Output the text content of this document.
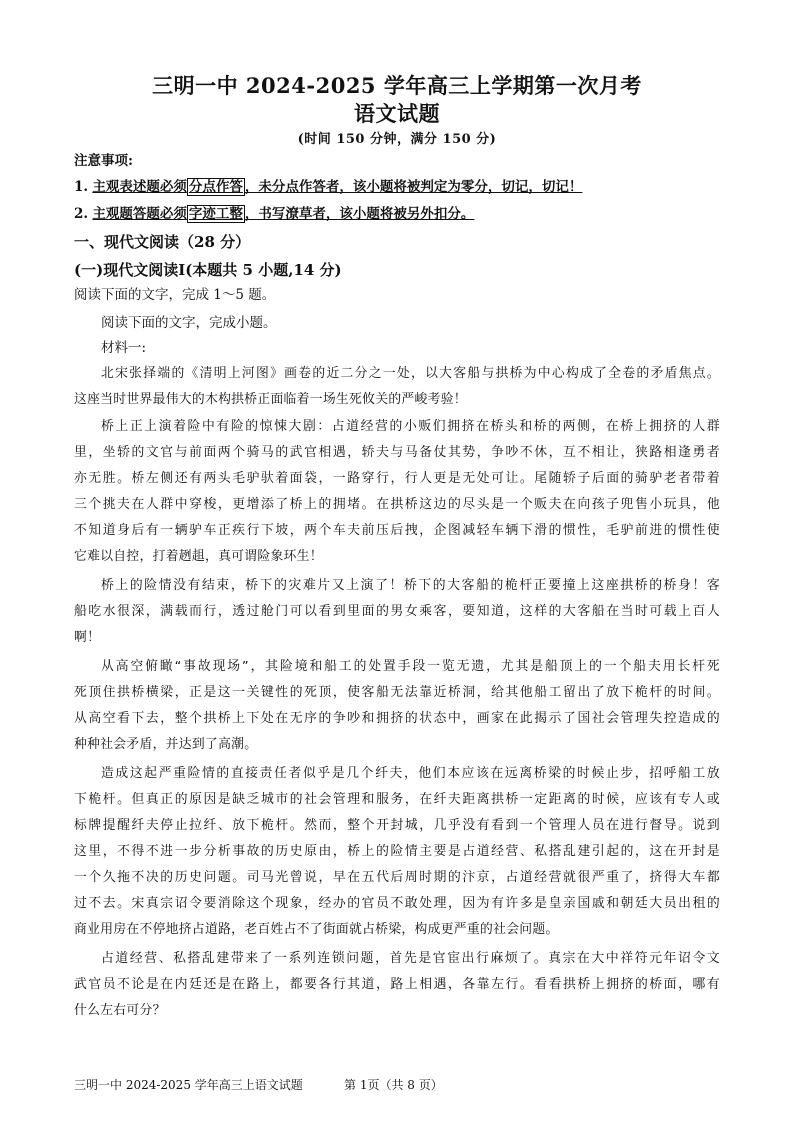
三明一中 2024-2025 学年高三上学期第一次月考
语文试题
(时间 150 分钟，满分 150 分)
注意事项:
1. 主观表述题必须 分点作答 ，未分点作答者，该小题将被判定为零分，切记，切记！
2. 主观题答题必须 字迹工整 ，书写潦草者，该小题将被另外扣分。
一、现代文阅读（28 分）
(一)现代文阅读Ⅰ(本题共 5 小题,14 分)
阅读下面的文字，完成 1～5 题。
阅读下面的文字，完成小题。
材料一:
北宋张择端的《清明上河图》画卷的近二分之一处，以大客船与拱桥为中心构成了全卷的矛盾焦点。
这座当时世界最伟大的木构拱桥正面临着一场生死攸关的严峻考验！
桥上正上演着险中有险的惊悚大剧：占道经营的小贩们拥挤在桥头和桥的两侧，在桥上拥挤的人群
里，坐轿的文官与前面两个骑马的武官相遇，轿夫与马备仗其势，争吵不休，互不相让，狭路相逢勇者
亦无胜。桥左侧还有两头毛驴驮着面袋，一路穿行，行人更是无处可让。尾随轿子后面的骑驴老者带着
三个挑夫在人群中穿梭，更增添了桥上的拥堵。在拱桥这边的尽头是一个贩夫在向孩子兜售小玩具，他
不知道身后有一辆驴车正疾行下坡，两个车夫前压后拽，企图减轻车辆下滑的惯性，毛驴前进的惯性使
它难以自控，打着趔趄，真可谓险象环生！
桥上的险情没有结束，桥下的灾难片又上演了！桥下的大客船的桅杆正要撞上这座拱桥的桥身！客
船吃水很深，满载而行，透过舱门可以看到里面的男女乘客，要知道，这样的大客船在当时可载上百人
啊！
从高空俯瞰“事故现场”，其险境和船工的处置手段一览无遗，尤其是船顶上的一个船夫用长杆死
死顶住拱桥横梁，正是这一关键性的死顶，使客船无法靠近桥洞，给其他船工留出了放下桅杆的时间。
从高空看下去，整个拱桥上下处在无序的争吵和拥挤的状态中，画家在此揭示了国社会管理失控造成的
种种社会矛盾，并达到了高潮。
造成这起严重险情的直接责任者似乎是几个纤夫，他们本应该在远离桥梁的时候止步，招呼船工放
下桅杆。但真正的原因是缺乏城市的社会管理和服务，在纤夫距离拱桥一定距离的时候，应该有专人或
标牌提醒纤夫停止拉纤、放下桅杆。然而，整个开封城，几乎没有看到一个管理人员在进行督导。说到
这里，不得不进一步分析事故的历史原由，桥上的险情主要是占道经营、私搭乱建引起的，这在开封是
一个久拖不决的历史问题。司马光曾说，早在五代后周时期的汴京，占道经营就很严重了，挤得大车都
过不去。宋真宗诏令要消除这个现象，经办的官员不敢处理，因为有许多是皇亲国戚和朝廷大员出租的
商业用房在不停地挤占道路，老百姓占不了街面就占桥梁，构成更严重的社会问题。
占道经营、私搭乱建带来了一系列连锁问题，首先是官宦出行麻烦了。真宗在大中祥符元年诏令文
武官员不论是在内廷还是在路上，都要各行其道，路上相遇，各靠左行。看看拱桥上拥挤的桥面，哪有
什么左右可分？
三明一中 2024-2025 学年高三上语文试题	第 1页（共 8 页）
